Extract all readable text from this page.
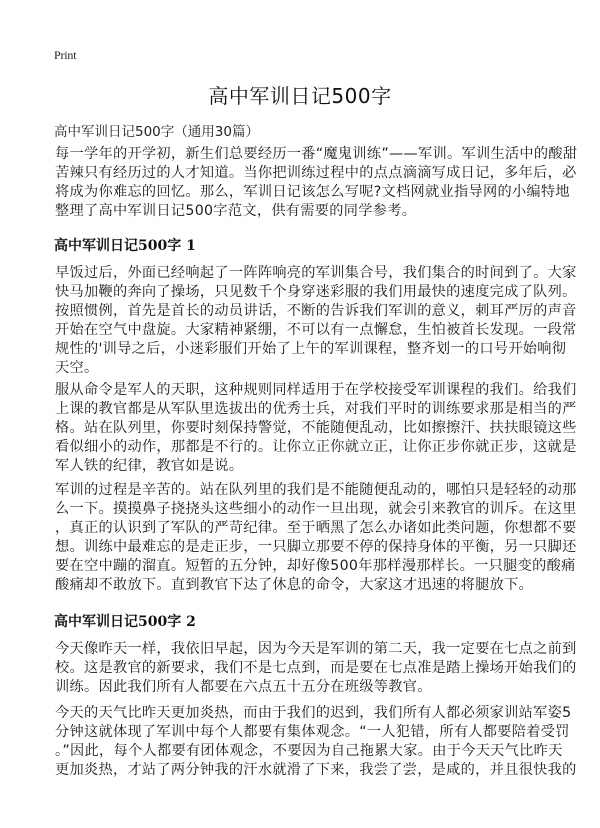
Print
高中军训日记500字
高中军训日记500字（通用30篇）

每一学年的开学初，新生们总要经历一番“魔鬼训练”——军训。军训生活中的酸甜
苦辣只有经历过的人才知道。当你把训练过程中的点点滴滴写成日记，多年后，必
将成为你难忘的回忆。那么，军训日记该怎么写呢?文档网就业指导网的小编特地
整理了高中军训日记500字范文，供有需要的同学参考。

高中军训日记500字 1

早饭过后，外面已经响起了一阵阵响亮的军训集合号，我们集合的时间到了。大家
快马加鞭的奔向了操场，只见数千个身穿迷彩服的我们用最快的速度完成了队列。
按照惯例，首先是首长的动员讲话，不断的告诉我们军训的意义，刺耳严厉的声音
开始在空气中盘旋。大家精神紧绷，不可以有一点懈怠，生怕被首长发现。一段常
规性的'训导之后，小迷彩服们开始了上午的军训课程，整齐划一的口号开始响彻
天空。

服从命令是军人的天职，这种规则同样适用于在学校接受军训课程的我们。给我们
上课的教官都是从军队里选拔出的优秀士兵，对我们平时的训练要求那是相当的严
格。站在队列里，你要时刻保持警觉，不能随便乱动，比如擦擦汗、扶扶眼镜这些
看似细小的动作，那都是不行的。让你立正你就立正，让你正步你就正步，这就是
军人铁的纪律，教官如是说。

军训的过程是辛苦的。站在队列里的我们是不能随便乱动的，哪怕只是轻轻的动那
么一下。摸摸鼻子挠挠头这些细小的动作一旦出现，就会引来教官的训斥。在这里
，真正的认识到了军队的严苛纪律。至于晒黑了怎么办诸如此类问题，你想都不要
想。训练中最难忘的是走正步，一只脚立那要不停的保持身体的平衡，另一只脚还
要在空中蹦的溜直。短暂的五分钟，却好像500年那样漫那样长。一只腿变的酸痛
酸痛却不敢放下。直到教官下达了休息的命令，大家这才迅速的将腿放下。

高中军训日记500字 2

今天像昨天一样，我依旧早起，因为今天是军训的第二天，我一定要在七点之前到
校。这是教官的新要求，我们不是七点到，而是要在七点准是踏上操场开始我们的
训练。因此我们所有人都要在六点五十五分在班级等教官。

今天的天气比昨天更加炎热，而由于我们的迟到，我们所有人都必须家训站军姿5
分钟这就体现了军训中每个人都要有集体观念。“一人犯错，所有人都要陪着受罚
。”因此，每个人都要有团体观念，不要因为自己拖累大家。由于今天天气比昨天
更加炎热，才站了两分钟我的汗水就滑了下来，我尝了尝，是咸的，并且很快我的
